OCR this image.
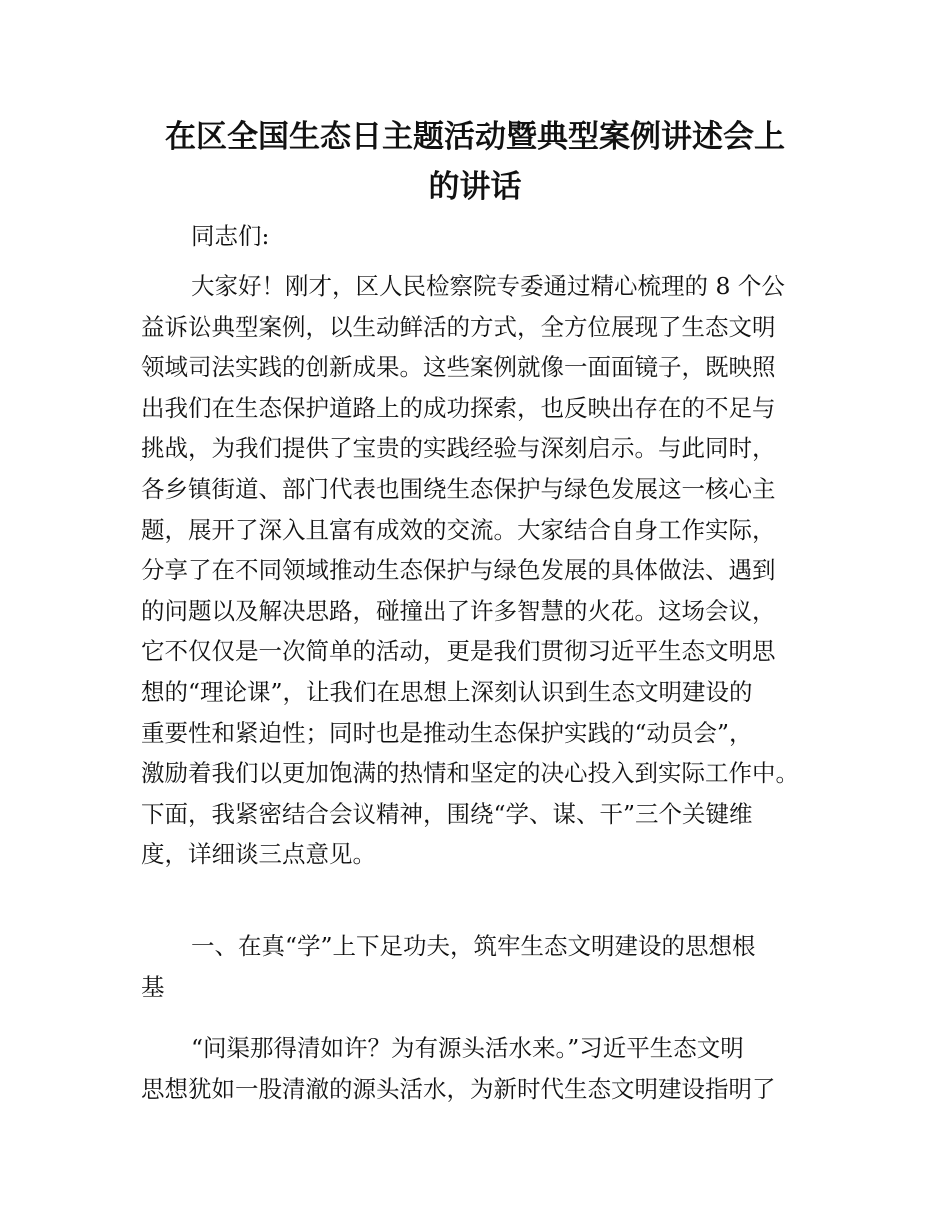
在区全国生态日主题活动暨典型案例讲述会上
的讲话
同志们:
大家好！刚才，区人民检察院专委通过精心梳理的 8 个公
益诉讼典型案例，以生动鲜活的方式，全方位展现了生态文明
领域司法实践的创新成果。这些案例就像一面面镜子，既映照
出我们在生态保护道路上的成功探索，也反映出存在的不足与
挑战，为我们提供了宝贵的实践经验与深刻启示。与此同时，
各乡镇街道、部门代表也围绕生态保护与绿色发展这一核心主
题，展开了深入且富有成效的交流。大家结合自身工作实际，
分享了在不同领域推动生态保护与绿色发展的具体做法、遇到
的问题以及解决思路，碰撞出了许多智慧的火花。这场会议，
它不仅仅是一次简单的活动，更是我们贯彻习近平生态文明思
想的“理论课”，让我们在思想上深刻认识到生态文明建设的
重要性和紧迫性；同时也是推动生态保护实践的“动员会”，
激励着我们以更加饱满的热情和坚定的决心投入到实际工作中。
下面，我紧密结合会议精神，围绕“学、谋、干”三个关键维
度，详细谈三点意见。
一、在真“学”上下足功夫，筑牢生态文明建设的思想根
基
“问渠那得清如许？为有源头活水来。”习近平生态文明
思想犹如一股清澈的源头活水，为新时代生态文明建设指明了
